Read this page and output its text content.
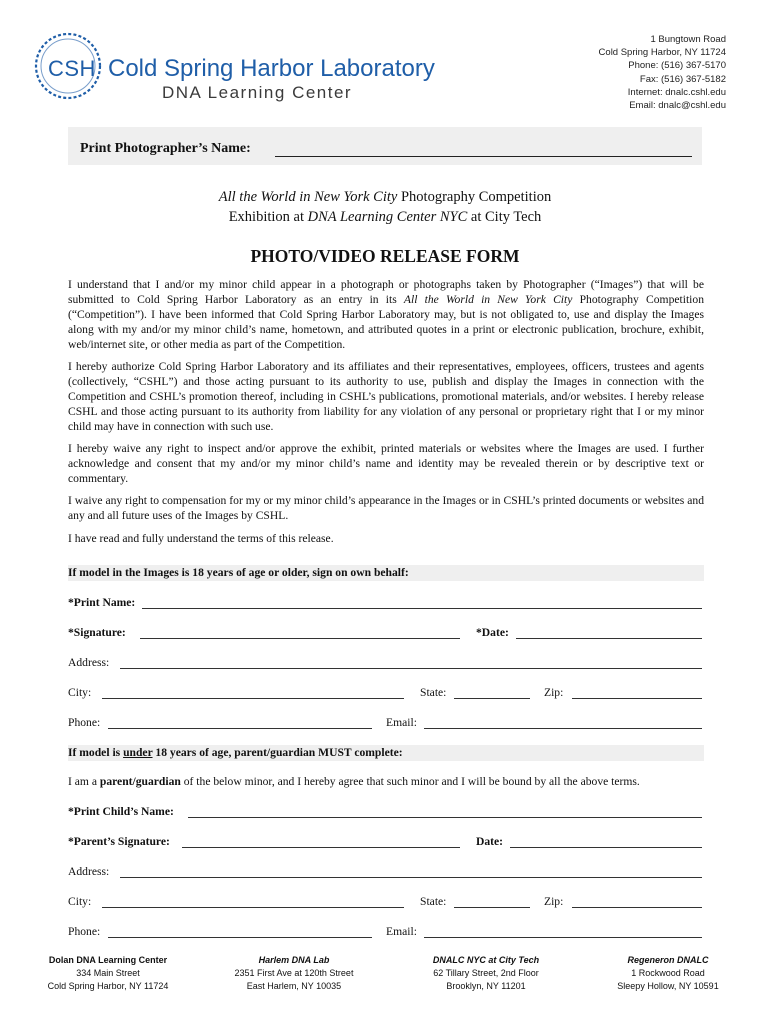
CSH Cold Spring Harbor Laboratory
DNA Learning Center
1 Bungtown Road
Cold Spring Harbor, NY 11724
Phone: (516) 367-5170
Fax: (516) 367-5182
Internet: dnalc.cshl.edu
Email: dnalc@cshl.edu
Print Photographer’s Name:
All the World in New York City Photography Competition
Exhibition at DNA Learning Center NYC at City Tech
PHOTO/VIDEO RELEASE FORM
I understand that I and/or my minor child appear in a photograph or photographs taken by Photographer (“Images”) that will be submitted to Cold Spring Harbor Laboratory as an entry in its All the World in New York City Photography Competition (“Competition”). I have been informed that Cold Spring Harbor Laboratory may, but is not obligated to, use and display the Images along with my and/or my minor child’s name, hometown, and attributed quotes in a print or electronic publication, brochure, exhibit, web/internet site, or other media as part of the Competition.
I hereby authorize Cold Spring Harbor Laboratory and its affiliates and their representatives, employees, officers, trustees and agents (collectively, “CSHL”) and those acting pursuant to its authority to use, publish and display the Images in connection with the Competition and CSHL’s promotion thereof, including in CSHL’s publications, promotional materials, and/or websites. I hereby release CSHL and those acting pursuant to its authority from liability for any violation of any personal or proprietary right that I or my minor child may have in connection with such use.
I hereby waive any right to inspect and/or approve the exhibit, printed materials or websites where the Images are used. I further acknowledge and consent that my and/or my minor child’s name and identity may be revealed therein or by descriptive text or commentary.
I waive any right to compensation for my or my minor child’s appearance in the Images or in CSHL’s printed documents or websites and any and all future uses of the Images by CSHL.
I have read and fully understand the terms of this release.
If model in the Images is 18 years of age or older, sign on own behalf:
*Print Name:
*Signature:	*Date:
Address:
City:	State:	Zip:
Phone:	Email:
If model is under 18 years of age, parent/guardian MUST complete:
I am a parent/guardian of the below minor, and I hereby agree that such minor and I will be bound by all the above terms.
*Print Child’s Name:
*Parent’s Signature:	Date:
Address:
City:	State:	Zip:
Phone:	Email:
Dolan DNA Learning Center
334 Main Street
Cold Spring Harbor, NY 11724
Harlem DNA Lab
2351 First Ave at 120th Street
East Harlem, NY 10035
DNALC NYC at City Tech
62 Tillary Street, 2nd Floor
Brooklyn, NY 11201
Regeneron DNALC
1 Rockwood Road
Sleepy Hollow, NY 10591
